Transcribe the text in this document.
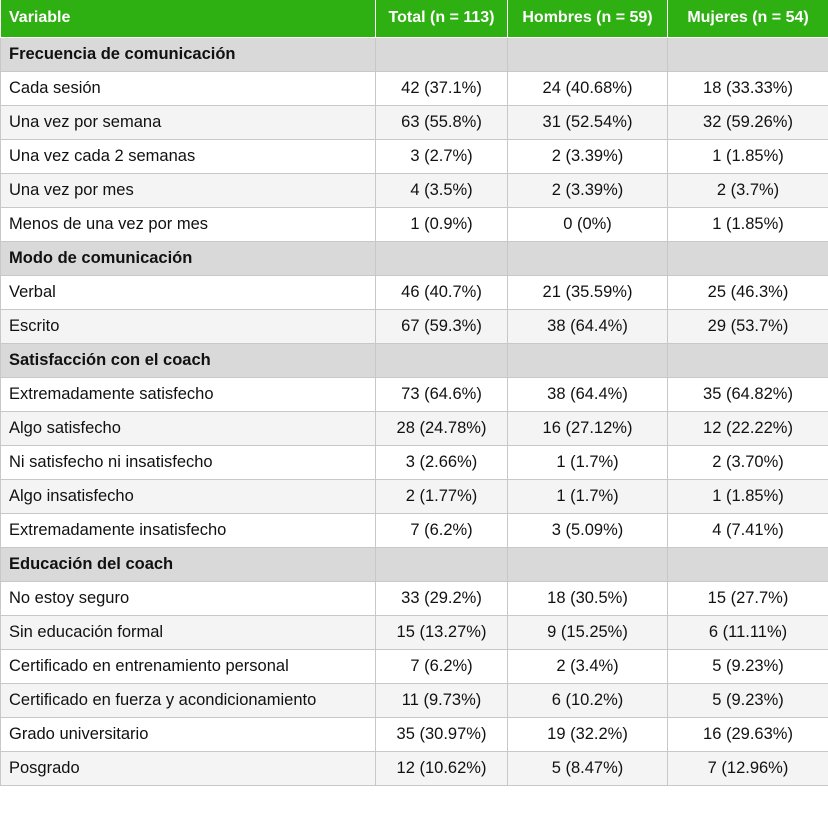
Variable	Total (n = 113)	Hombres (n = 59)	Mujeres (n = 54)
Frecuencia de comunicación			
Cada sesión	42 (37.1%)	24 (40.68%)	18 (33.33%)
Una vez por semana	63 (55.8%)	31 (52.54%)	32 (59.26%)
Una vez cada 2 semanas	3 (2.7%)	2 (3.39%)	1 (1.85%)
Una vez por mes	4 (3.5%)	2 (3.39%)	2 (3.7%)
Menos de una vez por mes	1 (0.9%)	0 (0%)	1 (1.85%)
Modo de comunicación			
Verbal	46 (40.7%)	21 (35.59%)	25 (46.3%)
Escrito	67 (59.3%)	38 (64.4%)	29 (53.7%)
Satisfacción con el coach			
Extremadamente satisfecho	73 (64.6%)	38 (64.4%)	35 (64.82%)
Algo satisfecho	28 (24.78%)	16 (27.12%)	12 (22.22%)
Ni satisfecho ni insatisfecho	3 (2.66%)	1 (1.7%)	2 (3.70%)
Algo insatisfecho	2 (1.77%)	1 (1.7%)	1 (1.85%)
Extremadamente insatisfecho	7 (6.2%)	3 (5.09%)	4 (7.41%)
Educación del coach			
No estoy seguro	33 (29.2%)	18 (30.5%)	15 (27.7%)
Sin educación formal	15 (13.27%)	9 (15.25%)	6 (11.11%)
Certificado en entrenamiento personal	7 (6.2%)	2 (3.4%)	5 (9.23%)
Certificado en fuerza y acondicionamiento	11 (9.73%)	6 (10.2%)	5 (9.23%)
Grado universitario	35 (30.97%)	19 (32.2%)	16 (29.63%)
Posgrado	12 (10.62%)	5 (8.47%)	7 (12.96%)
